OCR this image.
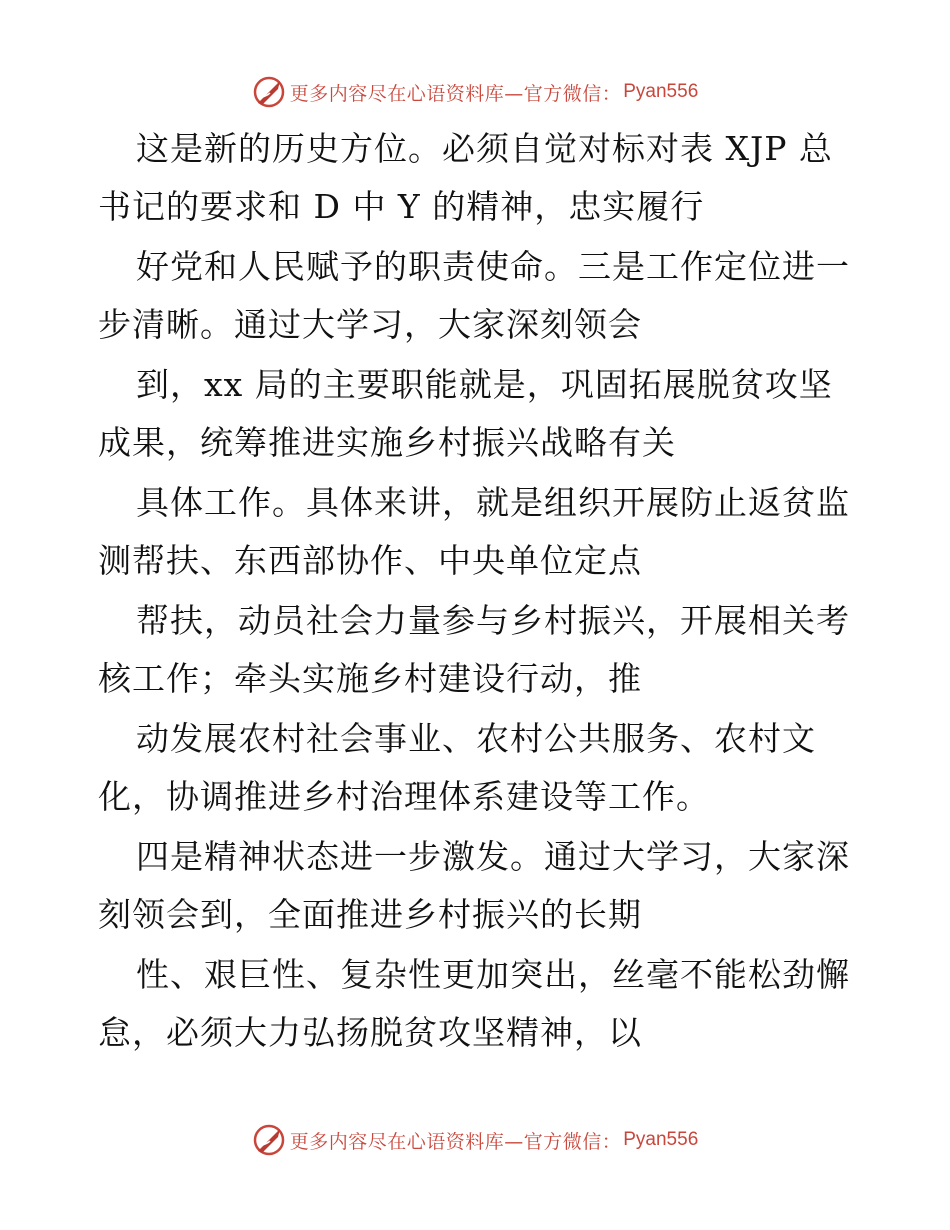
更多内容尽在心语资料库—官方微信： Pyan556
这是新的历史方位。必须自觉对标对表 XJP 总
书记的要求和 D 中 Y 的精神，忠实履行
好党和人民赋予的职责使命。三是工作定位进一
步清晰。通过大学习，大家深刻领会
到，xx 局的主要职能就是，巩固拓展脱贫攻坚
成果，统筹推进实施乡村振兴战略有关
具体工作。具体来讲，就是组织开展防止返贫监
测帮扶、东西部协作、中央单位定点
帮扶，动员社会力量参与乡村振兴，开展相关考
核工作；牵头实施乡村建设行动，推
动发展农村社会事业、农村公共服务、农村文
化，协调推进乡村治理体系建设等工作。
四是精神状态进一步激发。通过大学习，大家深
刻领会到，全面推进乡村振兴的长期
性、艰巨性、复杂性更加突出，丝毫不能松劲懈
怠，必须大力弘扬脱贫攻坚精神，以
更多内容尽在心语资料库—官方微信： Pyan556
